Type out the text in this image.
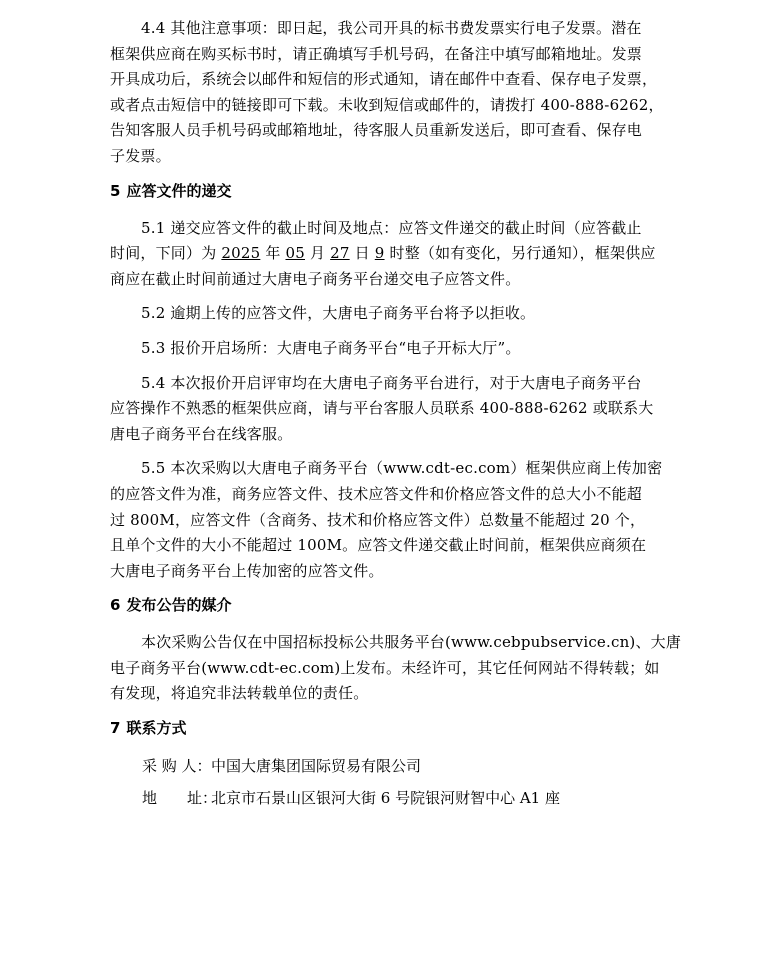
4.4 其他注意事项：即日起，我公司开具的标书费发票实行电子发票。潜在
框架供应商在购买标书时，请正确填写手机号码，在备注中填写邮箱地址。发票
开具成功后，系统会以邮件和短信的形式通知，请在邮件中查看、保存电子发票，
或者点击短信中的链接即可下载。未收到短信或邮件的，请拨打 400-888-6262，
告知客服人员手机号码或邮箱地址，待客服人员重新发送后，即可查看、保存电
子发票。
5 应答文件的递交
5.1 递交应答文件的截止时间及地点：应答文件递交的截止时间（应答截止
时间，下同）为 2025 年 05 月 27 日 9 时整（如有变化，另行通知），框架供应
商应在截止时间前通过大唐电子商务平台递交电子应答文件。
5.2 逾期上传的应答文件，大唐电子商务平台将予以拒收。
5.3 报价开启场所：大唐电子商务平台“电子开标大厅”。
5.4 本次报价开启评审均在大唐电子商务平台进行，对于大唐电子商务平台
应答操作不熟悉的框架供应商，请与平台客服人员联系 400-888-6262 或联系大
唐电子商务平台在线客服。
5.5 本次采购以大唐电子商务平台（www.cdt-ec.com）框架供应商上传加密
的应答文件为准，商务应答文件、技术应答文件和价格应答文件的总大小不能超
过 800M，应答文件（含商务、技术和价格应答文件）总数量不能超过 20 个，
且单个文件的大小不能超过 100M。应答文件递交截止时间前，框架供应商须在
大唐电子商务平台上传加密的应答文件。
6 发布公告的媒介
本次采购公告仅在中国招标投标公共服务平台(www.cebpubservice.cn)、大唐
电子商务平台(www.cdt-ec.com)上发布。未经许可，其它任何网站不得转载；如
有发现，将追究非法转载单位的责任。
7 联系方式
采 购 人：中国大唐集团国际贸易有限公司
地　　址：北京市石景山区银河大街 6 号院银河财智中心 A1 座
